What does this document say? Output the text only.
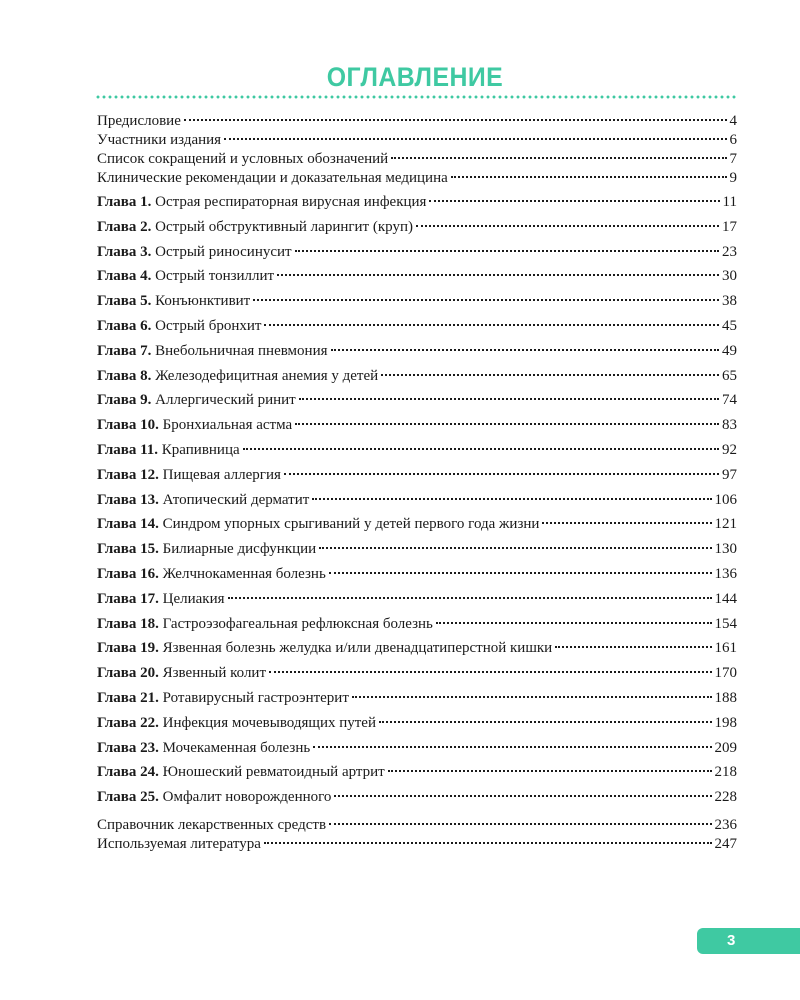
ОГЛАВЛЕНИЕ
Предисловие	4
Участники издания	6
Список сокращений и условных обозначений	7
Клинические рекомендации и доказательная медицина	9
Глава 1. Острая респираторная вирусная инфекция	11
Глава 2. Острый обструктивный ларингит (круп)	17
Глава 3. Острый риносинусит	23
Глава 4. Острый тонзиллит	30
Глава 5. Конъюнктивит	38
Глава 6. Острый бронхит	45
Глава 7. Внебольничная пневмония	49
Глава 8. Железодефицитная анемия у детей	65
Глава 9. Аллергический ринит	74
Глава 10. Бронхиальная астма	83
Глава 11. Крапивница	92
Глава 12. Пищевая аллергия	97
Глава 13. Атопический дерматит	106
Глава 14. Синдром упорных срыгиваний у детей первого года жизни	121
Глава 15. Билиарные дисфункции	130
Глава 16. Желчнокаменная болезнь	136
Глава 17. Целиакия	144
Глава 18. Гастроэзофагеальная рефлюксная болезнь	154
Глава 19. Язвенная болезнь желудка и/или двенадцатиперстной кишки	161
Глава 20. Язвенный колит	170
Глава 21. Ротавирусный гастроэнтерит	188
Глава 22. Инфекция мочевыводящих путей	198
Глава 23. Мочекаменная болезнь	209
Глава 24. Юношеский ревматоидный артрит	218
Глава 25. Омфалит новорожденного	228
Справочник лекарственных средств	236
Используемая литература	247
3
